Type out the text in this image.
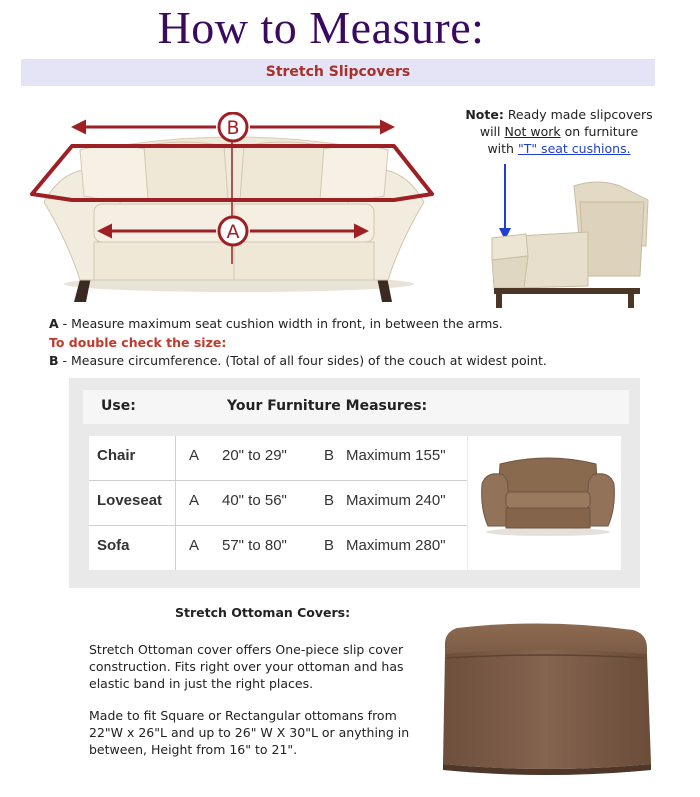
How to Measure:
Stretch Slipcovers
B
A
Note: Ready made slipcovers
will Not work on furniture
with "T" seat cushions.
A - Measure maximum seat cushion width in front, in between the arms.
To double check the size:
B - Measure circumference. (Total of all four sides) of the couch at widest point.
Use:	Your Furniture Measures:
Chair	A 20" to 29" B Maximum 155"
Loveseat A 40" to 56" B Maximum 240"
Sofa	A 57" to 80" B Maximum 280"
Stretch Ottoman Covers:
Stretch Ottoman cover offers One-piece slip cover construction. Fits right over your ottoman and has elastic band in just the right places.
Made to fit Square or Rectangular ottomans from 22"W x 26"L and up to 26" W X 30"L or anything in between, Height from 16" to 21".
